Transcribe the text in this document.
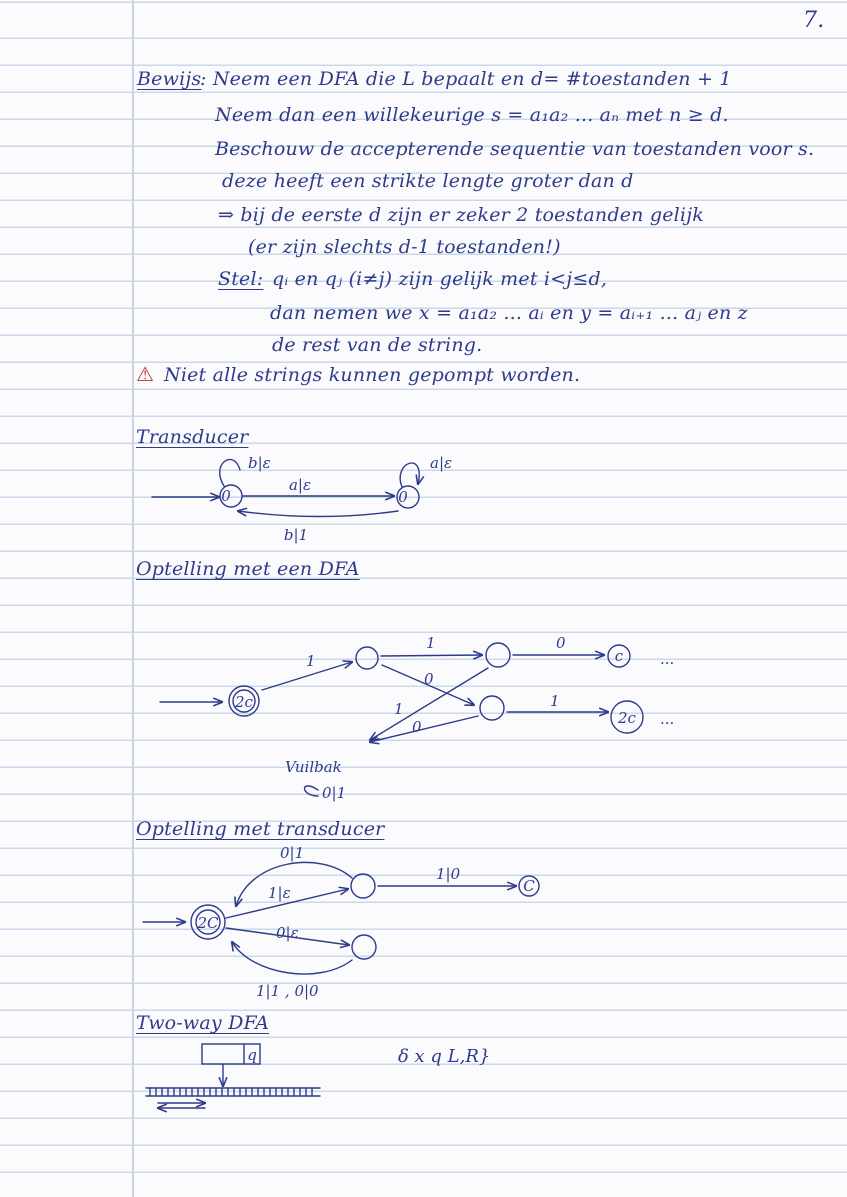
7.
Bewijs
: Neem een DFA die L bepaalt en d= #toestanden + 1
Neem dan een willekeurige s = a₁a₂ ... aₙ met n ≥ d.
Beschouw de accepterende sequentie van toestanden voor s.
deze heeft een strikte lengte groter dan d
⇒ bij de eerste d zijn er zeker 2 toestanden gelijk
(er zijn slechts d-1 toestanden!)
Stel: qᵢ en qⱼ (i≠j) zijn gelijk met i<j≤d,
dan nemen we x = a₁a₂ ... aᵢ en y = aᵢ₊₁ ... aⱼ en z
de rest van de string.
⚠ Niet alle strings kunnen gepompt worden.
Transducer
Optelling met een DFA
Optelling met transducer
Two-way DFA
0	0
b|ε	a|ε
a|ε
b|1
2c
1
1
0
1
0
0
c
1
2c
...
...
Vuilbak
0|1
2C
0|1
1|ε
0|ε
1|0
C
1|1 , 0|0
q	δ x q L,R}
